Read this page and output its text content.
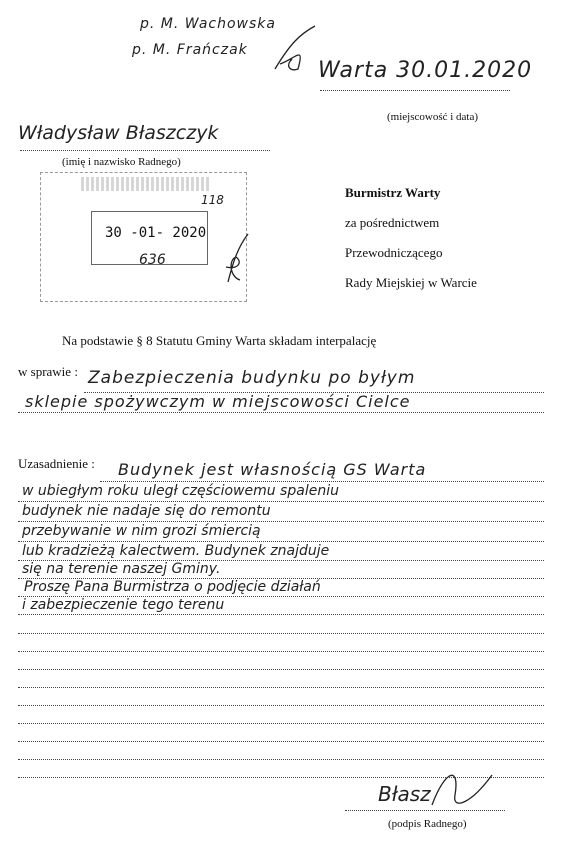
p. M. Wachowska
p. M. Frańczak
Warta 30.01.2020
(miejscowość i data)
Władysław Błaszczyk
(imię i nazwisko Radnego)
30 -01- 2020
636
118	Burmistrz Warty
za pośrednictwem
Przewodniczącego
Rady Miejskiej w Warcie
Na podstawie § 8 Statutu Gminy Warta składam interpalację
w sprawie : Zabezpieczenia budynku po byłym
sklepie spożywczym w miejscowości Cielce
Uzasadnienie : Budynek jest własnością GS Warta
w ubiegłym roku uległ częściowemu spaleniu
budynek nie nadaje się do remontu
przebywanie w nim grozi śmiercią
lub kradzieżą kalectwem. Budynek znajduje
się na terenie naszej Gminy.
Proszę Pana Burmistrza o podjęcie działań
i zabezpieczenie tego terenu
Błasz
(podpis Radnego)
